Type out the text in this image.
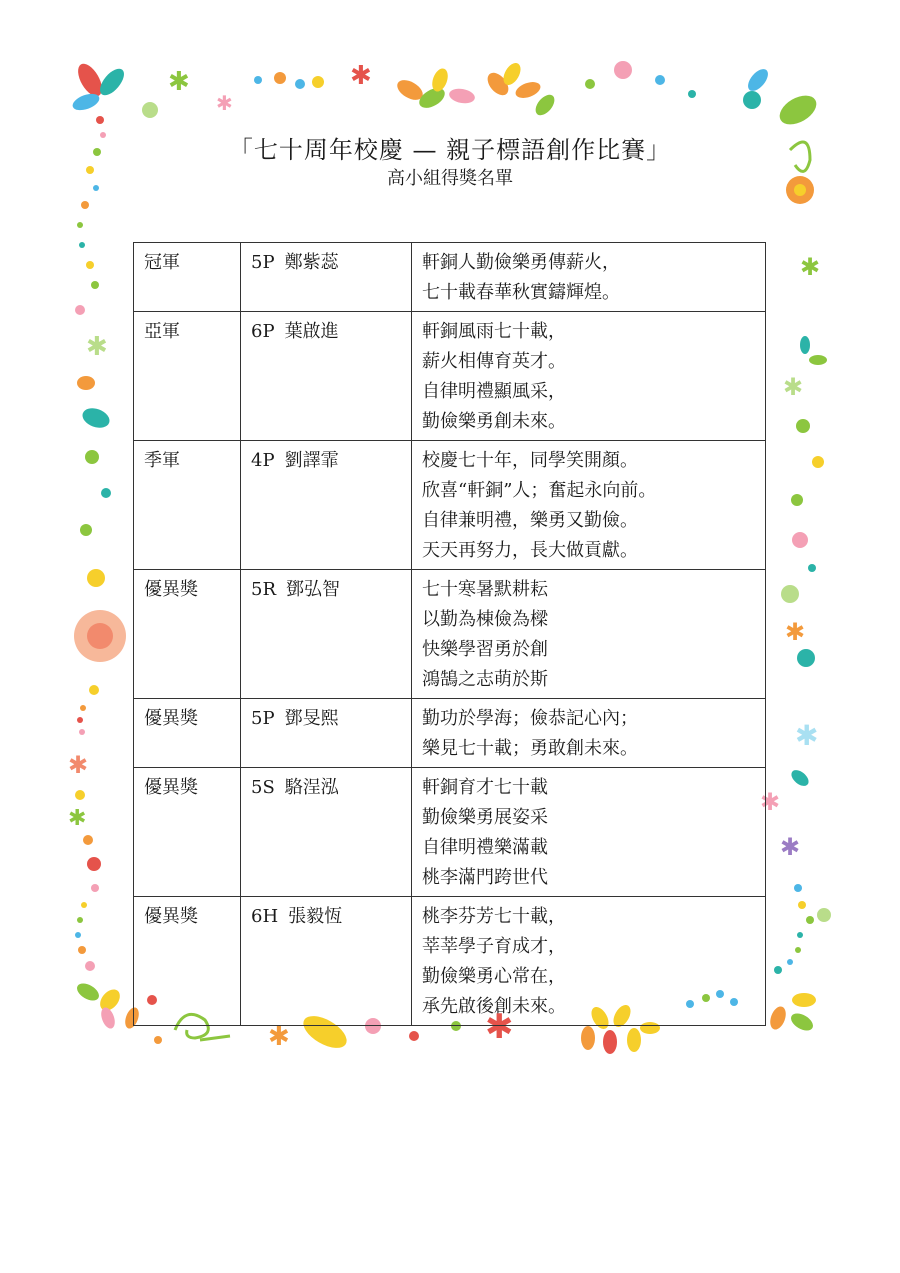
✱
✱
✱
✱
✱
✱
✱
✱
✱
✱
✱
✱
✱	✱
「七十周年校慶 — 親子標語創作比賽」
高小組得獎名單
冠軍	5P 鄭紫蕊	軒銅人勤儉樂勇傳薪火，
七十載春華秋實鑄輝煌。

亞軍	6P 葉啟進	軒銅風雨七十載，
薪火相傳育英才。
自律明禮顯風采，
勤儉樂勇創未來。

季軍	4P 劉譯霏	校慶七十年，同學笑開顏。
欣喜“軒銅”人；奮起永向前。
自律兼明禮，樂勇又勤儉。
天天再努力，長大做貢獻。

優異獎	5R 鄧弘智	七十寒暑默耕耘
以勤為棟儉為樑
快樂學習勇於創
鴻鵠之志萌於斯

優異獎	5P 鄧旻熙	勤功於學海；儉恭記心內；
樂見七十載；勇敢創未來。

優異獎	5S 駱浧泓	軒銅育才七十載
勤儉樂勇展姿采
自律明禮樂滿載
桃李滿門跨世代

優異獎	6H 張毅恆	桃李芬芳七十載，
莘莘學子育成才，
勤儉樂勇心常在，
承先啟後創未來。
